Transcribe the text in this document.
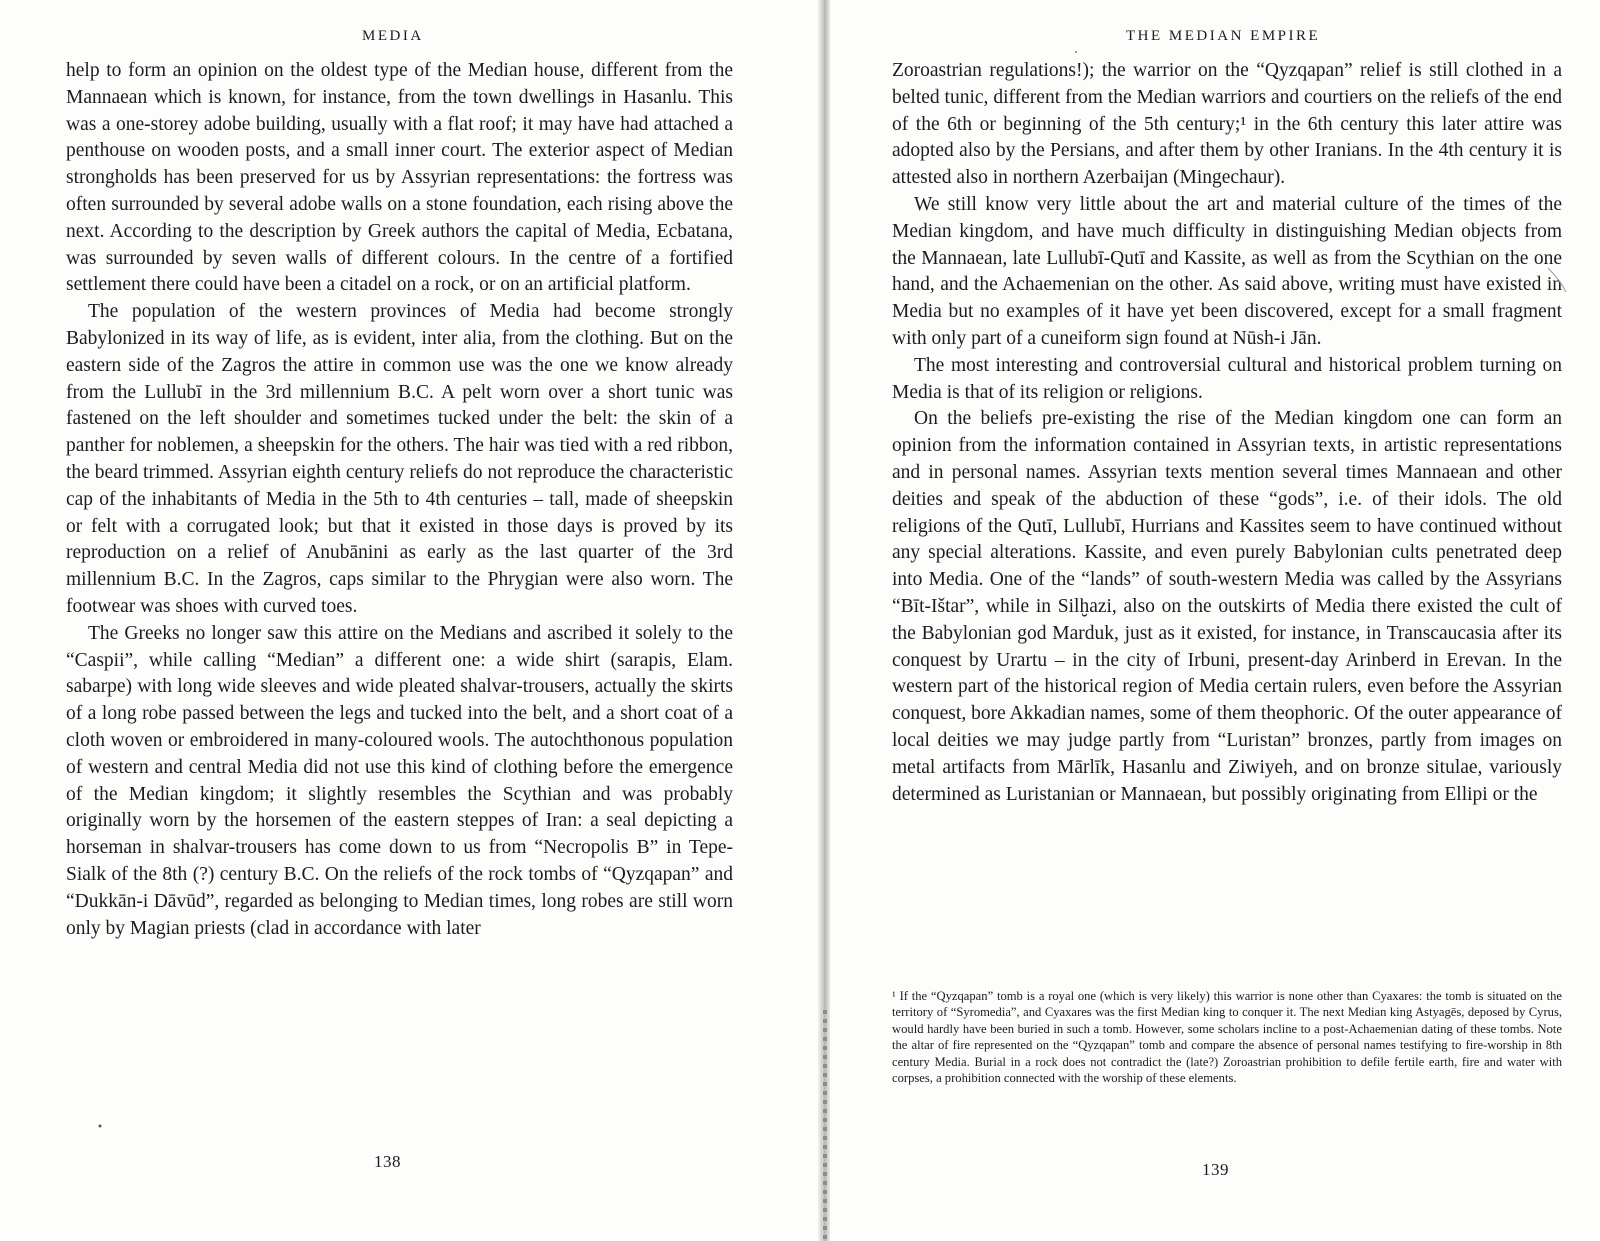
MEDIA

help to form an opinion on the oldest type of the Median house, different from the Mannaean which is known, for instance, from the town dwellings in Hasanlu. This was a one-storey adobe building, usually with a flat roof; it may have had attached a penthouse on wooden posts, and a small inner court. The exterior aspect of Median strongholds has been preserved for us by Assyrian representations: the fortress was often surrounded by several adobe walls on a stone foundation, each rising above the next. According to the description by Greek authors the capital of Media, Ecbatana, was surrounded by seven walls of different colours. In the centre of a fortified settlement there could have been a citadel on a rock, or on an artificial platform.

The population of the western provinces of Media had become strongly Babylonized in its way of life, as is evident, inter alia, from the clothing. But on the eastern side of the Zagros the attire in common use was the one we know already from the Lullubī in the 3rd millennium B.C. A pelt worn over a short tunic was fastened on the left shoulder and sometimes tucked under the belt: the skin of a panther for noblemen, a sheepskin for the others. The hair was tied with a red ribbon, the beard trimmed. Assyrian eighth century reliefs do not reproduce the characteristic cap of the inhabitants of Media in the 5th to 4th centuries – tall, made of sheepskin or felt with a corrugated look; but that it existed in those days is proved by its reproduction on a relief of Anubānini as early as the last quarter of the 3rd millennium B.C. In the Zagros, caps similar to the Phrygian were also worn. The footwear was shoes with curved toes.

The Greeks no longer saw this attire on the Medians and ascribed it solely to the “Caspii”, while calling “Median” a different one: a wide shirt (sarapis, Elam. sabarpe) with long wide sleeves and wide pleated shalvar-trousers, actually the skirts of a long robe passed between the legs and tucked into the belt, and a short coat of a cloth woven or embroidered in many-coloured wools. The autochthonous population of western and central Media did not use this kind of clothing before the emergence of the Median kingdom; it slightly resembles the Scythian and was probably originally worn by the horsemen of the eastern steppes of Iran: a seal depicting a horseman in shalvar-trousers has come down to us from “Necropolis B” in Tepe-Sialk of the 8th (?) century B.C. On the reliefs of the rock tombs of “Qyzqapan” and “Dukkān-i Dāvūd”, regarded as belonging to Median times, long robes are still worn only by Magian priests (clad in accordance with later

138
THE MEDIAN EMPIRE

Zoroastrian regulations!); the warrior on the “Qyzqapan” relief is still clothed in a belted tunic, different from the Median warriors and courtiers on the reliefs of the end of the 6th or beginning of the 5th century;¹ in the 6th century this later attire was adopted also by the Persians, and after them by other Iranians. In the 4th century it is attested also in northern Azerbaijan (Mingechaur).

We still know very little about the art and material culture of the times of the Median kingdom, and have much difficulty in distinguishing Median objects from the Mannaean, late Lullubī-Qutī and Kassite, as well as from the Scythian on the one hand, and the Achaemenian on the other. As said above, writing must have existed in Media but no examples of it have yet been discovered, except for a small fragment with only part of a cuneiform sign found at Nūsh-i Jān.

The most interesting and controversial cultural and historical problem turning on Media is that of its religion or religions.

On the beliefs pre-existing the rise of the Median kingdom one can form an opinion from the information contained in Assyrian texts, in artistic representations and in personal names. Assyrian texts mention several times Mannaean and other deities and speak of the abduction of these “gods”, i.e. of their idols. The old religions of the Qutī, Lullubī, Hurrians and Kassites seem to have continued without any special alterations. Kassite, and even purely Babylonian cults penetrated deep into Media. One of the “lands” of south-western Media was called by the Assyrians “Bīt-Ištar”, while in Silḫazi, also on the outskirts of Media there existed the cult of the Babylonian god Marduk, just as it existed, for instance, in Transcaucasia after its conquest by Urartu – in the city of Irbuni, present-day Arinberd in Erevan. In the western part of the historical region of Media certain rulers, even before the Assyrian conquest, bore Akkadian names, some of them theophoric. Of the outer appearance of local deities we may judge partly from “Luristan” bronzes, partly from images on metal artifacts from Mārlīk, Hasanlu and Ziwiyeh, and on bronze situlae, variously determined as Luristanian or Mannaean, but possibly originating from Ellipi or the

¹ If the “Qyzqapan” tomb is a royal one (which is very likely) this warrior is none other than Cyaxares: the tomb is situated on the territory of “Syromedia”, and Cyaxares was the first Median king to conquer it. The next Median king Astyagēs, deposed by Cyrus, would hardly have been buried in such a tomb. However, some scholars incline to a post-Achaemenian dating of these tombs. Note the altar of fire represented on the “Qyzqapan” tomb and compare the absence of personal names testifying to fire-worship in 8th century Media. Burial in a rock does not contradict the (late?) Zoroastrian prohibition to defile fertile earth, fire and water with corpses, a prohibition connected with the worship of these elements.

139
